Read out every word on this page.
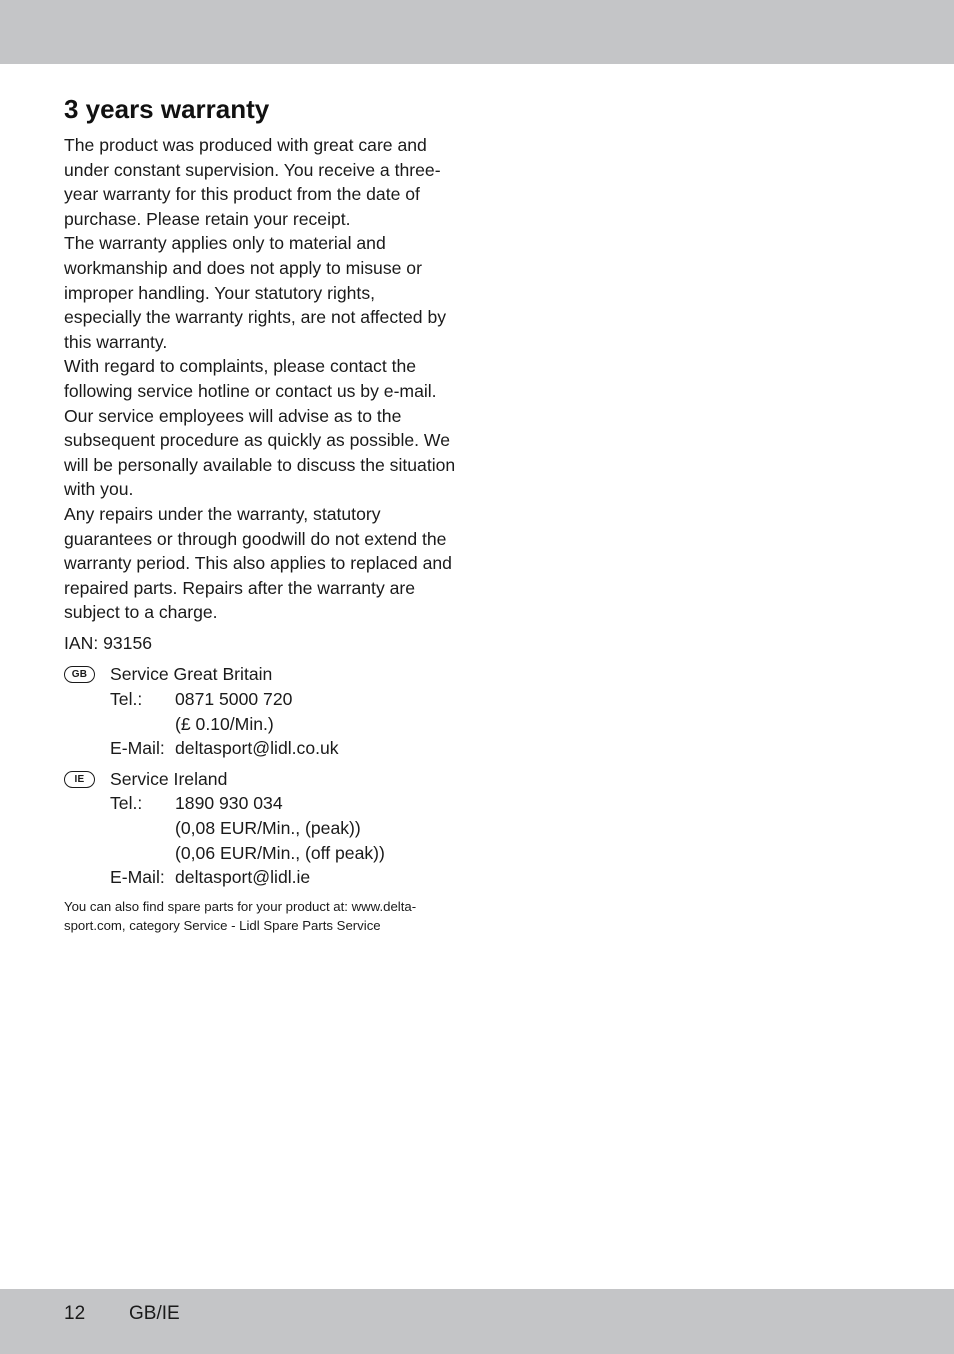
3 years warranty

The product was produced with great care and under constant supervision. You receive a three-year warranty for this product from the date of purchase. Please retain your receipt.

The warranty applies only to material and workmanship and does not apply to misuse or improper handling. Your statutory rights, especially the warranty rights, are not affected by this warranty.

With regard to complaints, please contact the following service hotline or contact us by e-mail. Our service employees will advise as to the subsequent procedure as quickly as possible. We will be personally available to discuss the situation with you.

Any repairs under the warranty, statutory guarantees or through goodwill do not extend the warranty period. This also applies to replaced and repaired parts. Repairs after the warranty are subject to a charge.

IAN: 93156

GB	Service Great Britain
Tel.:	0871 5000 720
(£ 0.10/Min.)
E-Mail: deltasport@lidl.co.uk
IE	Service Ireland
Tel.:	1890 930 034
(0,08 EUR/Min., (peak))
(0,06 EUR/Min., (off peak))
E-Mail: deltasport@lidl.ie
You can also find spare parts for your product at: www.delta-sport.com, category Service - Lidl Spare Parts Service
12 GB/IE
